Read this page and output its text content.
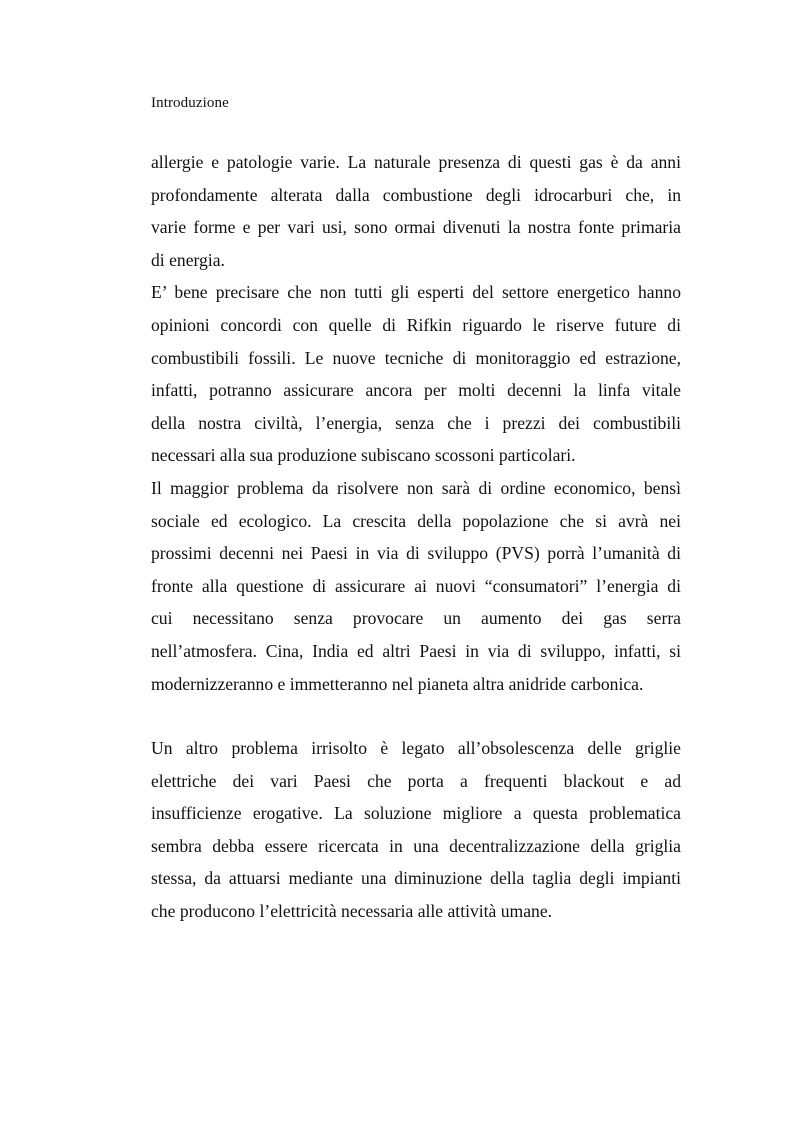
Introduzione
allergie e patologie varie. La naturale presenza di questi gas è da anni
profondamente alterata dalla combustione degli idrocarburi che, in
varie forme e per vari usi, sono ormai divenuti la nostra fonte primaria
di energia.
E’ bene precisare che non tutti gli esperti del settore energetico hanno
opinioni concordi con quelle di Rifkin riguardo le riserve future di
combustibili fossili. Le nuove tecniche di monitoraggio ed estrazione,
infatti, potranno assicurare ancora per molti decenni la linfa vitale
della nostra civiltà, l’energia, senza che i prezzi dei combustibili
necessari alla sua produzione subiscano scossoni particolari.
Il maggior problema da risolvere non sarà di ordine economico, bensì
sociale ed ecologico. La crescita della popolazione che si avrà nei
prossimi decenni nei Paesi in via di sviluppo (PVS) porrà l’umanità di
fronte alla questione di assicurare ai nuovi “consumatori” l’energia di
cui necessitano senza provocare un aumento dei gas serra
nell’atmosfera. Cina, India ed altri Paesi in via di sviluppo, infatti, si
modernizzeranno e immetteranno nel pianeta altra anidride carbonica.
Un altro problema irrisolto è legato all’obsolescenza delle griglie
elettriche dei vari Paesi che porta a frequenti blackout e ad
insufficienze erogative. La soluzione migliore a questa problematica
sembra debba essere ricercata in una decentralizzazione della griglia
stessa, da attuarsi mediante una diminuzione della taglia degli impianti
che producono l’elettricità necessaria alle attività umane.
